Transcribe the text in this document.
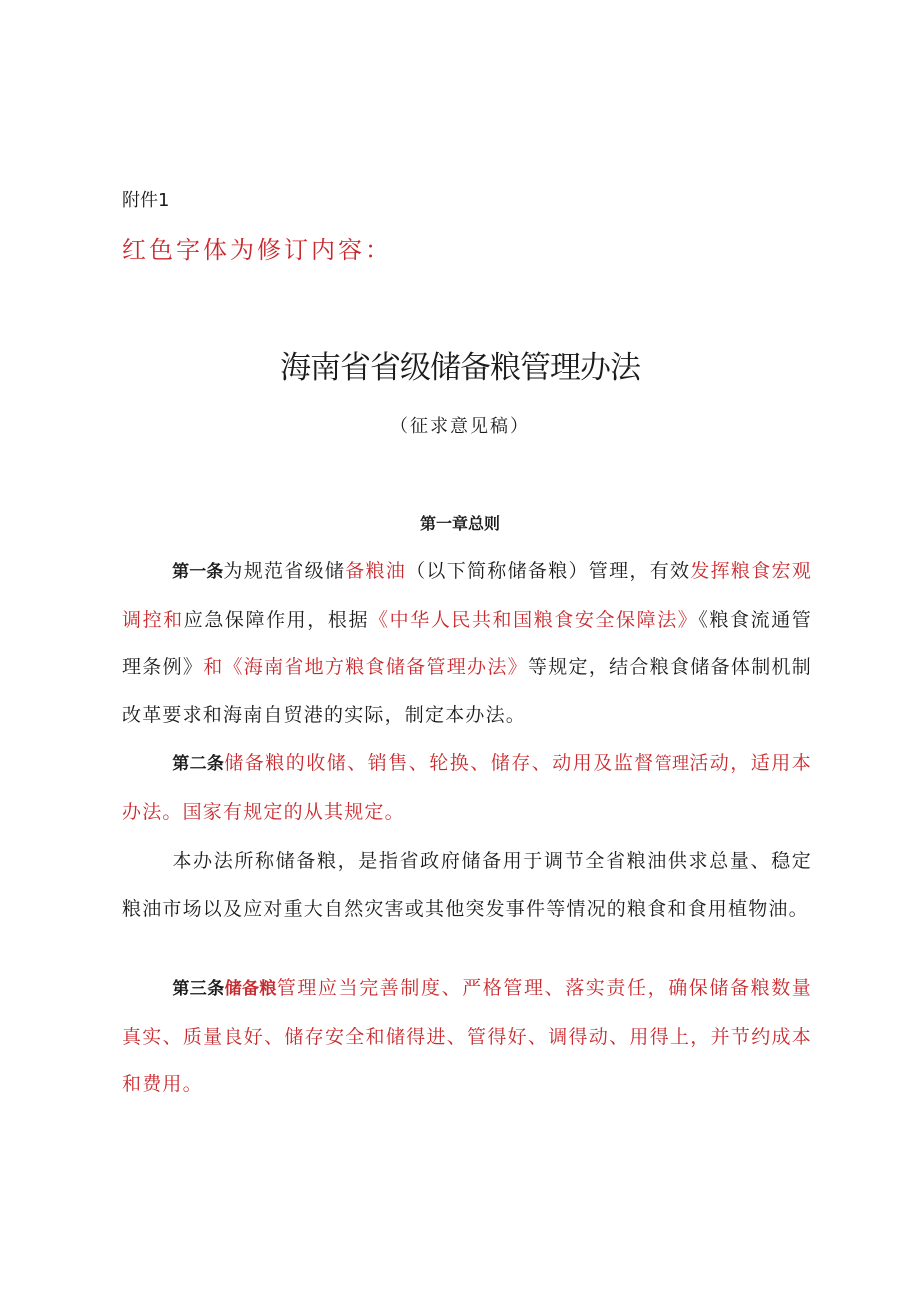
附件1
红色字体为修订内容：
海南省省级储备粮管理办法
（征求意见稿）
第一章总则
第一条为规范省级储备粮油（以下简称储备粮）管理，有效发挥粮食宏观调控和应急保障作用，根据《中华人民共和国粮食安全保障法》《粮食流通管理条例》和《海南省地方粮食储备管理办法》等规定，结合粮食储备体制机制改革要求和海南自贸港的实际，制定本办法。
第二条储备粮的收储、销售、轮换、储存、动用及监督管理活动，适用本办法。国家有规定的从其规定。
本办法所称储备粮，是指省政府储备用于调节全省粮油供求总量、稳定粮油市场以及应对重大自然灾害或其他突发事件等情况的粮食和食用植物油。
第三条储备粮管理应当完善制度、严格管理、落实责任，确保储备粮数量真实、质量良好、储存安全和储得进、管得好、调得动、用得上，并节约成本和费用。
